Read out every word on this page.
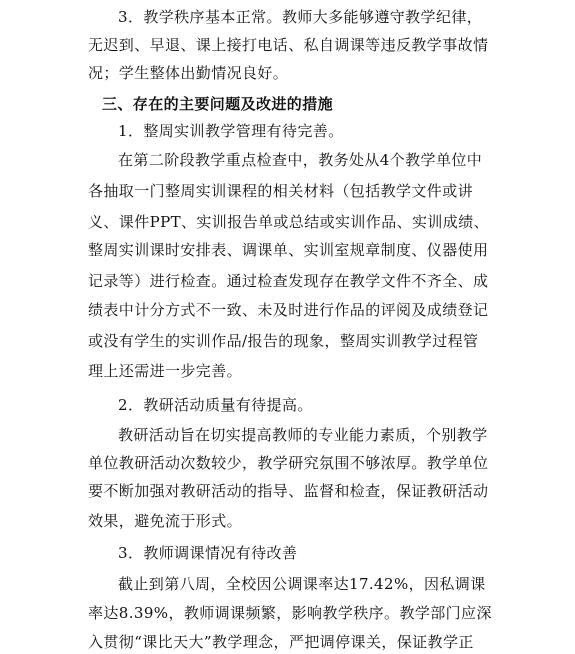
3．教学秩序基本正常。教师大多能够遵守教学纪律，
无迟到、早退、课上接打电话、私自调课等违反教学事故情
况；学生整体出勤情况良好。
三、存在的主要问题及改进的措施
1．整周实训教学管理有待完善。
在第二阶段教学重点检查中，教务处从4个教学单位中
各抽取一门整周实训课程的相关材料（包括教学文件或讲
义、课件PPT、实训报告单或总结或实训作品、实训成绩、
整周实训课时安排表、调课单、实训室规章制度、仪器使用
记录等）进行检查。通过检查发现存在教学文件不齐全、成
绩表中计分方式不一致、未及时进行作品的评阅及成绩登记
或没有学生的实训作品/报告的现象，整周实训教学过程管
理上还需进一步完善。
2．教研活动质量有待提高。
教研活动旨在切实提高教师的专业能力素质，个别教学
单位教研活动次数较少，教学研究氛围不够浓厚。教学单位
要不断加强对教研活动的指导、监督和检查，保证教研活动
效果，避免流于形式。
3．教师调课情况有待改善
截止到第八周，全校因公调课率达17.42%，因私调课
率达8.39%，教师调课频繁，影响教学秩序。教学部门应深
入贯彻“课比天大”教学理念，严把调停课关，保证教学正
